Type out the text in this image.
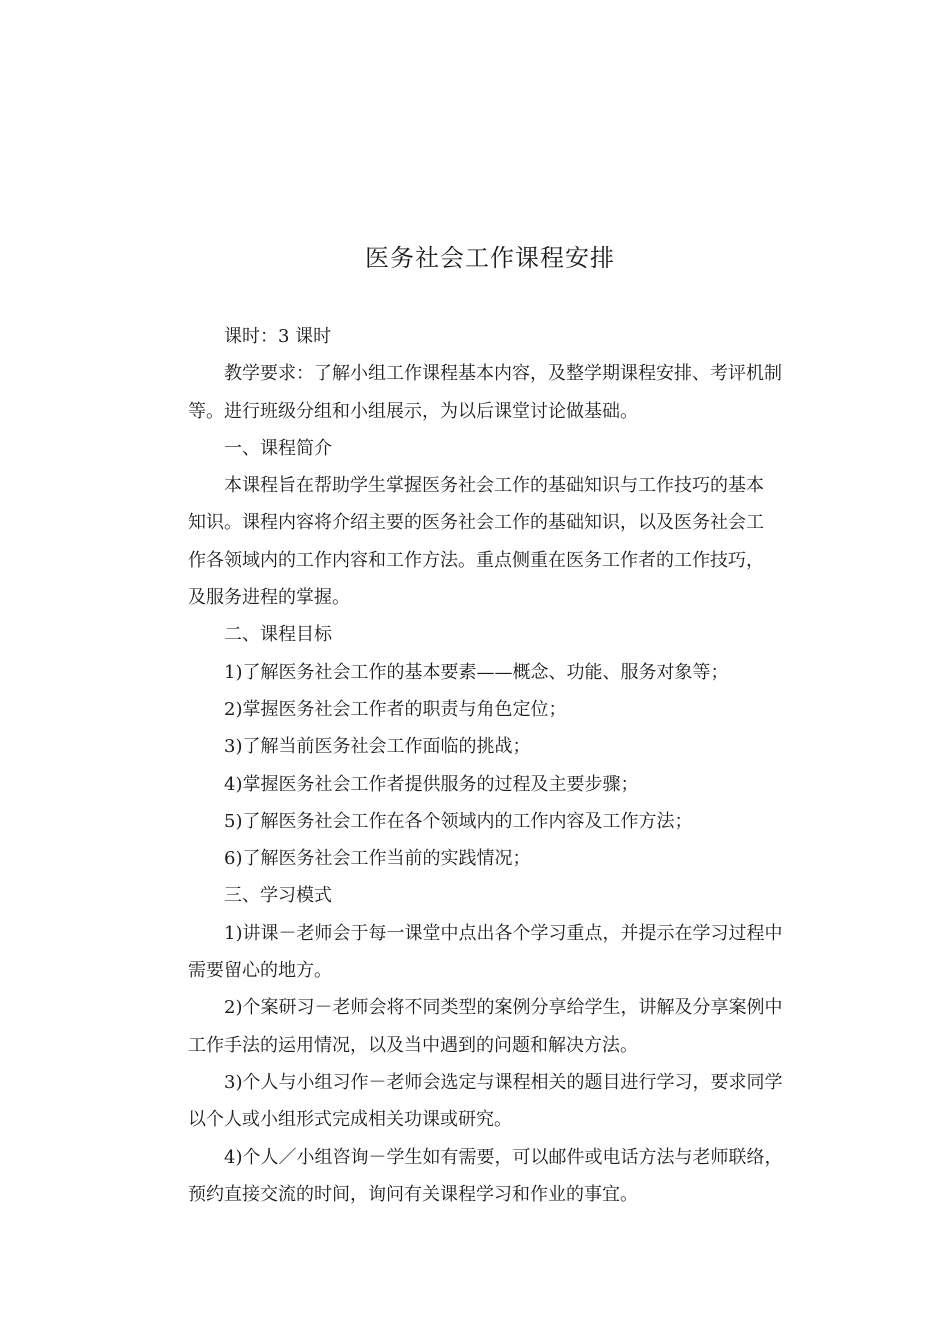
医务社会工作课程安排

课时：3 课时

教学要求：了解小组工作课程基本内容，及整学期课程安排、考评机制

等。进行班级分组和小组展示，为以后课堂讨论做基础。

一、课程简介

本课程旨在帮助学生掌握医务社会工作的基础知识与工作技巧的基本

知识。课程内容将介绍主要的医务社会工作的基础知识，以及医务社会工

作各领域内的工作内容和工作方法。重点侧重在医务工作者的工作技巧，

及服务进程的掌握。

二、课程目标

1)了解医务社会工作的基本要素——概念、功能、服务对象等；

2)掌握医务社会工作者的职责与角色定位；

3)了解当前医务社会工作面临的挑战；

4)掌握医务社会工作者提供服务的过程及主要步骤；

5)了解医务社会工作在各个领域内的工作内容及工作方法；

6)了解医务社会工作当前的实践情况；

三、学习模式

1)讲课－老师会于每一课堂中点出各个学习重点，并提示在学习过程中

需要留心的地方。

2)个案研习－老师会将不同类型的案例分享给学生，讲解及分享案例中

工作手法的运用情况，以及当中遇到的问题和解决方法。

3)个人与小组习作－老师会选定与课程相关的题目进行学习，要求同学

以个人或小组形式完成相关功课或研究。

4)个人／小组咨询－学生如有需要，可以邮件或电话方法与老师联络，

预约直接交流的时间，询问有关课程学习和作业的事宜。
